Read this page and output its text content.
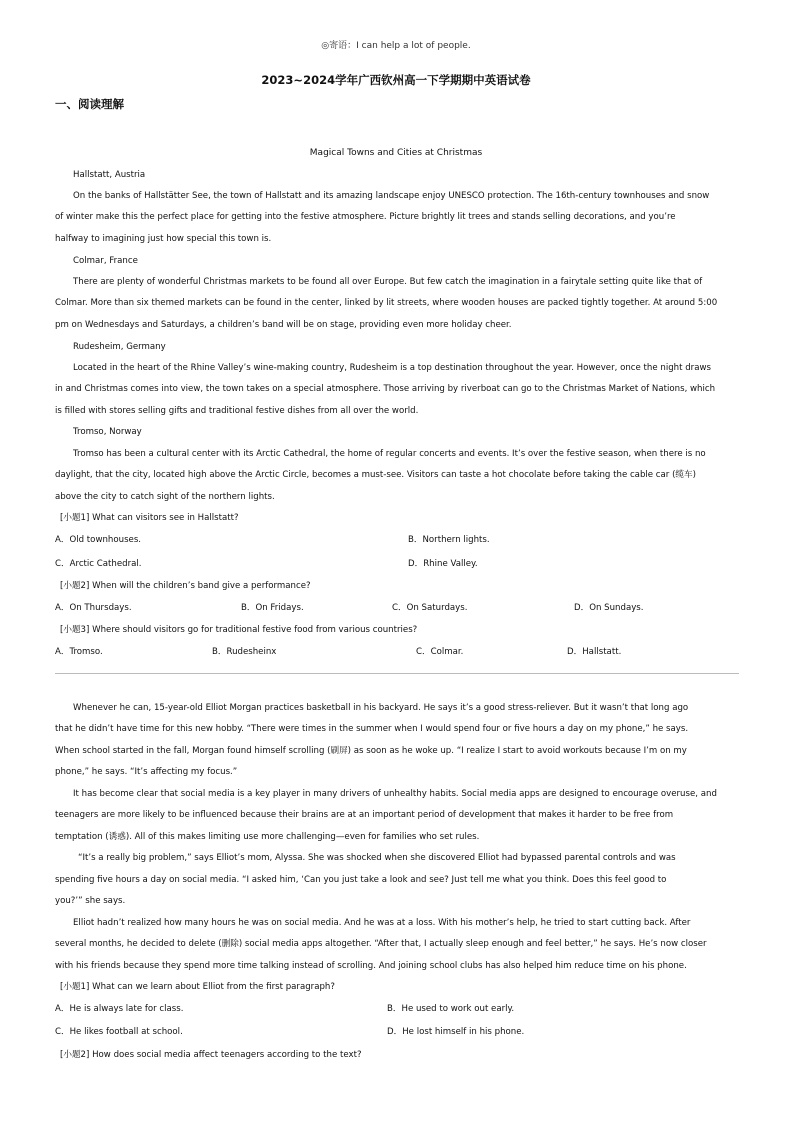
◎寄语：I can help a lot of people.
2023~2024学年广西钦州高一下学期期中英语试卷
一、阅读理解
Magical Towns and Cities at Christmas
Hallstatt, Austria
On the banks of Hallstätter See, the town of Hallstatt and its amazing landscape enjoy UNESCO protection. The 16th-century townhouses and snow
of winter make this the perfect place for getting into the festive atmosphere. Picture brightly lit trees and stands selling decorations, and you’re
halfway to imagining just how special this town is.
Colmar, France
There are plenty of wonderful Christmas markets to be found all over Europe. But few catch the imagination in a fairytale setting quite like that of
Colmar. More than six themed markets can be found in the center, linked by lit streets, where wooden houses are packed tightly together. At around 5:00
pm on Wednesdays and Saturdays, a children’s band will be on stage, providing even more holiday cheer.
Rudesheim, Germany
Located in the heart of the Rhine Valley’s wine-making country, Rudesheim is a top destination throughout the year. However, once the night draws
in and Christmas comes into view, the town takes on a special atmosphere. Those arriving by riverboat can go to the Christmas Market of Nations, which
is filled with stores selling gifts and traditional festive dishes from all over the world.
Tromso, Norway
Tromso has been a cultural center with its Arctic Cathedral, the home of regular concerts and events. It’s over the festive season, when there is no
daylight, that the city, located high above the Arctic Circle, becomes a must-see. Visitors can taste a hot chocolate before taking the cable car (缆车)
above the city to catch sight of the northern lights.
[小题1] What can visitors see in Hallstatt?
A．Old townhouses.	B．Northern lights.
C．Arctic Cathedral.	D．Rhine Valley.
[小题2] When will the children’s band give a performance?
A．On Thursdays.	B．On Fridays.	C．On Saturdays.	D．On Sundays.
[小题3] Where should visitors go for traditional festive food from various countries?
A．Tromso.	B．Rudesheinx	C．Colmar.	D．Hallstatt.
Whenever he can, 15-year-old Elliot Morgan practices basketball in his backyard. He says it’s a good stress-reliever. But it wasn’t that long ago
that he didn’t have time for this new hobby. “There were times in the summer when I would spend four or five hours a day on my phone,” he says.
When school started in the fall, Morgan found himself scrolling (刷屏) as soon as he woke up. “I realize I start to avoid workouts because I’m on my
phone,” he says. “It’s affecting my focus.”
It has become clear that social media is a key player in many drivers of unhealthy habits. Social media apps are designed to encourage overuse, and
teenagers are more likely to be influenced because their brains are at an important period of development that makes it harder to be free from
temptation (诱惑). All of this makes limiting use more challenging—even for families who set rules.
“It’s a really big problem,” says Elliot’s mom, Alyssa. She was shocked when she discovered Elliot had bypassed parental controls and was
spending five hours a day on social media. “I asked him, ‘Can you just take a look and see? Just tell me what you think. Does this feel good to
you?’” she says.
Elliot hadn’t realized how many hours he was on social media. And he was at a loss. With his mother’s help, he tried to start cutting back. After
several months, he decided to delete (删除) social media apps altogether. “After that, I actually sleep enough and feel better,” he says. He’s now closer
with his friends because they spend more time talking instead of scrolling. And joining school clubs has also helped him reduce time on his phone.
[小题1] What can we learn about Elliot from the first paragraph?
A．He is always late for class.	B．He used to work out early.
C．He likes football at school.	D．He lost himself in his phone.
[小题2] How does social media affect teenagers according to the text?
